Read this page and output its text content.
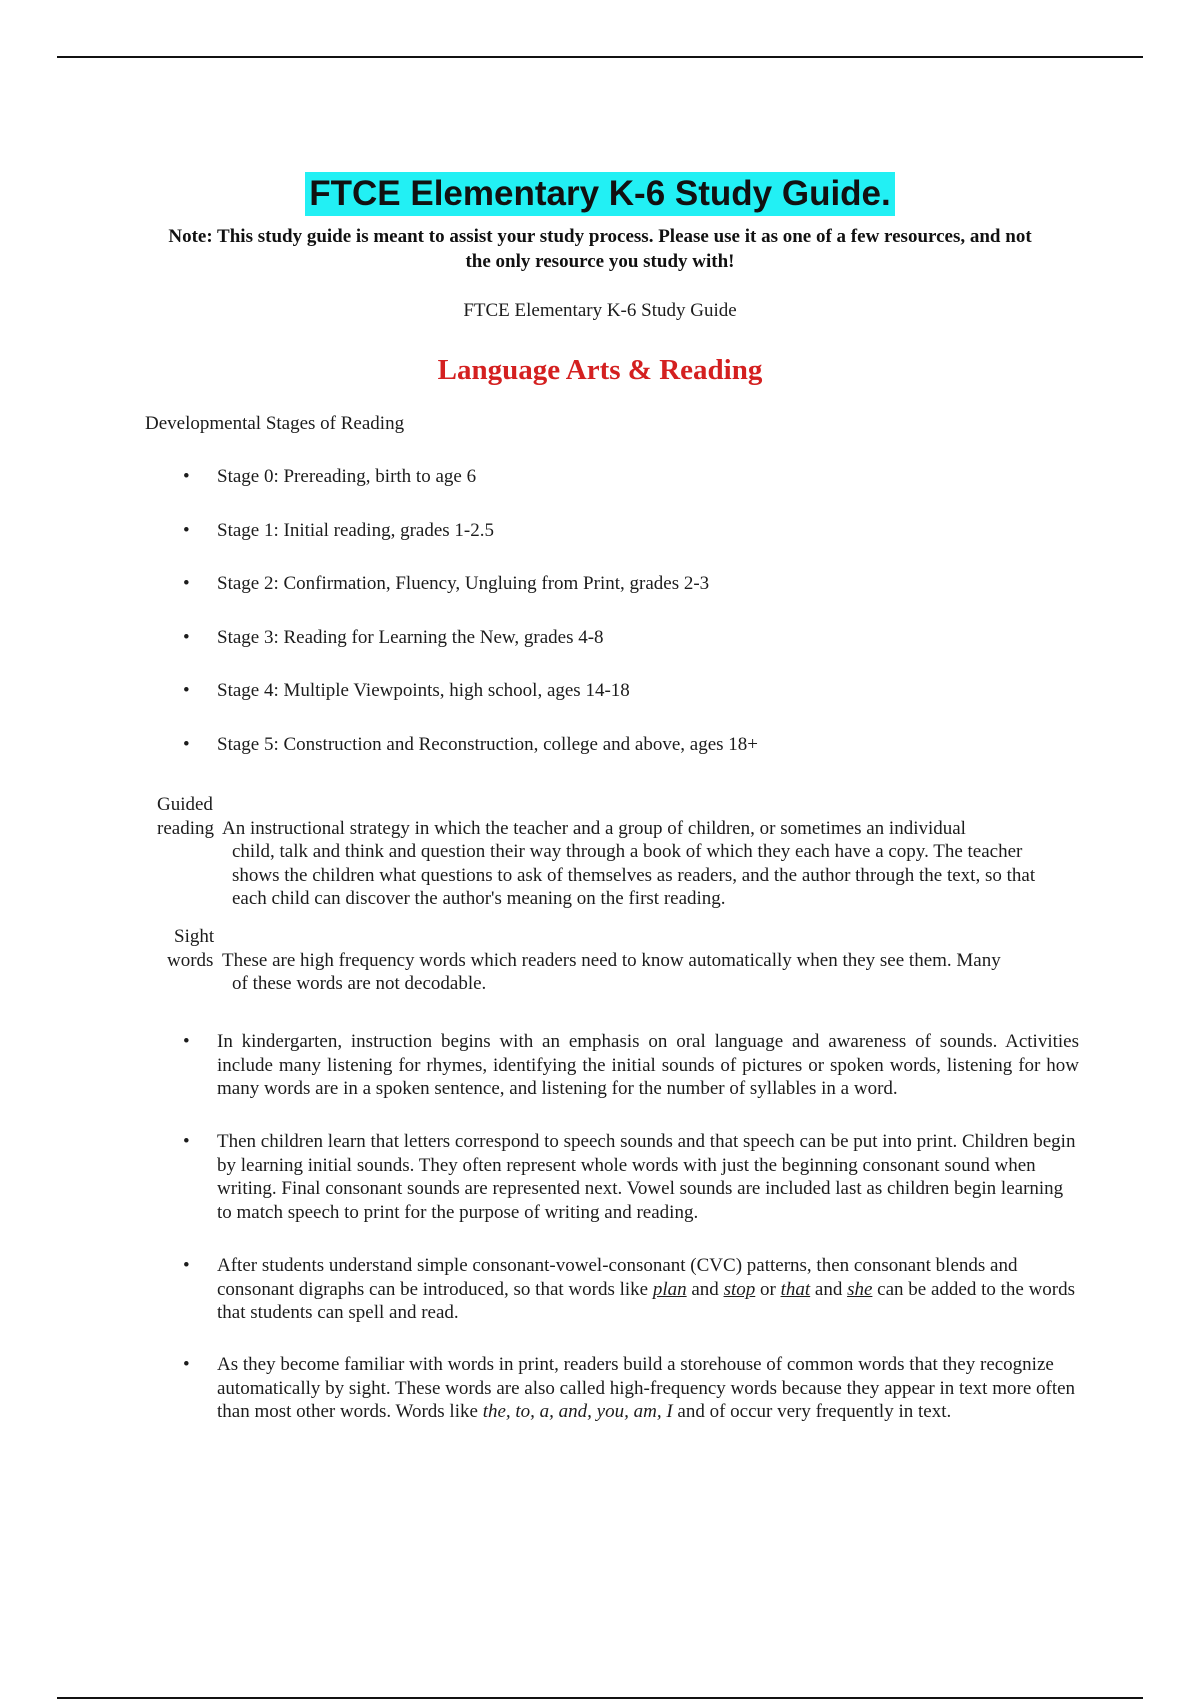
FTCE Elementary K-6 Study Guide.
Note: This study guide is meant to assist your study process. Please use it as one of a few resources, and not the only resource you study with!
FTCE Elementary K-6 Study Guide
Language Arts & Reading
Developmental Stages of Reading
• Stage 0: Prereading, birth to age 6
• Stage 1: Initial reading, grades 1-2.5
• Stage 2: Confirmation, Fluency, Ungluing from Print, grades 2-3
• Stage 3: Reading for Learning the New, grades 4-8
• Stage 4: Multiple Viewpoints, high school, ages 14-18
• Stage 5: Construction and Reconstruction, college and above, ages 18+
Guided
reading An instructional strategy in which the teacher and a group of children, or sometimes an individual
child, talk and think and question their way through a book of which they each have a copy. The teacher shows the children what questions to ask of themselves as readers, and the author through the text, so that each child can discover the author's meaning on the first reading.
Sight
words These are high frequency words which readers need to know automatically when they see them. Many
of these words are not decodable.
• In kindergarten, instruction begins with an emphasis on oral language and awareness of sounds. Activities include many listening for rhymes, identifying the initial sounds of pictures or spoken words, listening for how many words are in a spoken sentence, and listening for the number of syllables in a word.
• Then children learn that letters correspond to speech sounds and that speech can be put into print. Children begin by learning initial sounds. They often represent whole words with just the beginning consonant sound when writing. Final consonant sounds are represented next. Vowel sounds are included last as children begin learning to match speech to print for the purpose of writing and reading.
• After students understand simple consonant-vowel-consonant (CVC) patterns, then consonant blends and consonant digraphs can be introduced, so that words like plan and stop or that and she can be added to the words that students can spell and read.
• As they become familiar with words in print, readers build a storehouse of common words that they recognize automatically by sight. These words are also called high-frequency words because they appear in text more often than most other words. Words like the, to, a, and, you, am, I and of occur very frequently in text.
